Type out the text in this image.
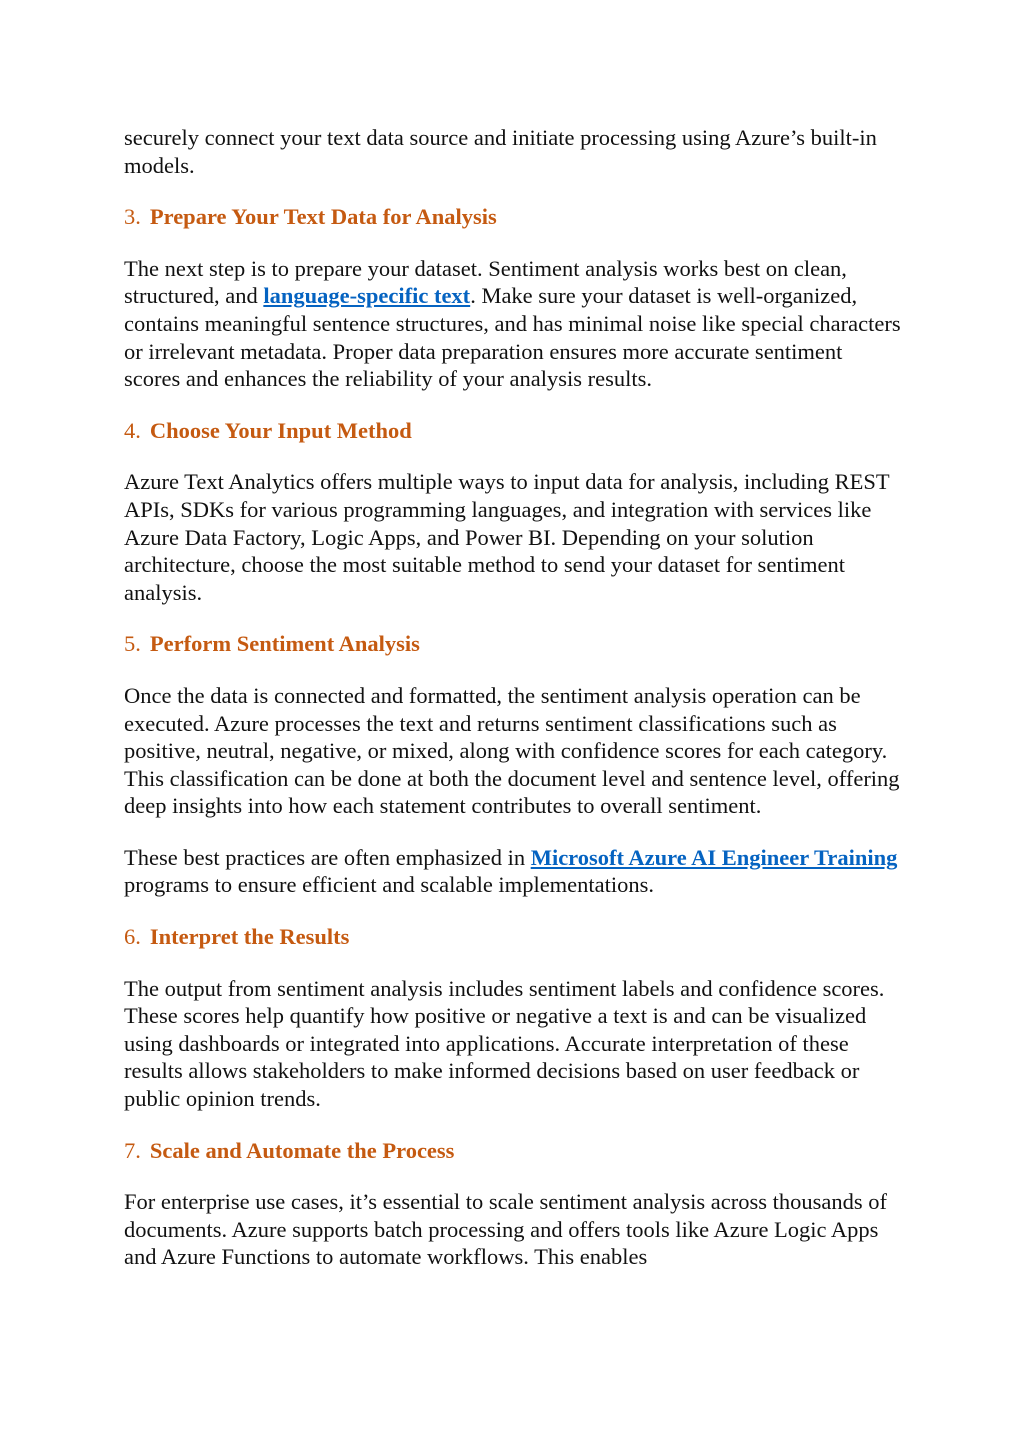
securely connect your text data source and initiate processing using Azure’s built-in models.

3. Prepare Your Text Data for Analysis

The next step is to prepare your dataset. Sentiment analysis works best on clean, structured, and language-specific text. Make sure your dataset is well-organized, contains meaningful sentence structures, and has minimal noise like special characters or irrelevant metadata. Proper data preparation ensures more accurate sentiment scores and enhances the reliability of your analysis results.

4. Choose Your Input Method

Azure Text Analytics offers multiple ways to input data for analysis, including REST APIs, SDKs for various programming languages, and integration with services like Azure Data Factory, Logic Apps, and Power BI. Depending on your solution architecture, choose the most suitable method to send your dataset for sentiment analysis.

5. Perform Sentiment Analysis

Once the data is connected and formatted, the sentiment analysis operation can be executed. Azure processes the text and returns sentiment classifications such as positive, neutral, negative, or mixed, along with confidence scores for each category. This classification can be done at both the document level and sentence level, offering deep insights into how each statement contributes to overall sentiment.

These best practices are often emphasized in Microsoft Azure AI Engineer Training programs to ensure efficient and scalable implementations.

6. Interpret the Results

The output from sentiment analysis includes sentiment labels and confidence scores. These scores help quantify how positive or negative a text is and can be visualized using dashboards or integrated into applications. Accurate interpretation of these results allows stakeholders to make informed decisions based on user feedback or public opinion trends.

7. Scale and Automate the Process

For enterprise use cases, it’s essential to scale sentiment analysis across thousands of documents. Azure supports batch processing and offers tools like Azure Logic Apps and Azure Functions to automate workflows. This enables
